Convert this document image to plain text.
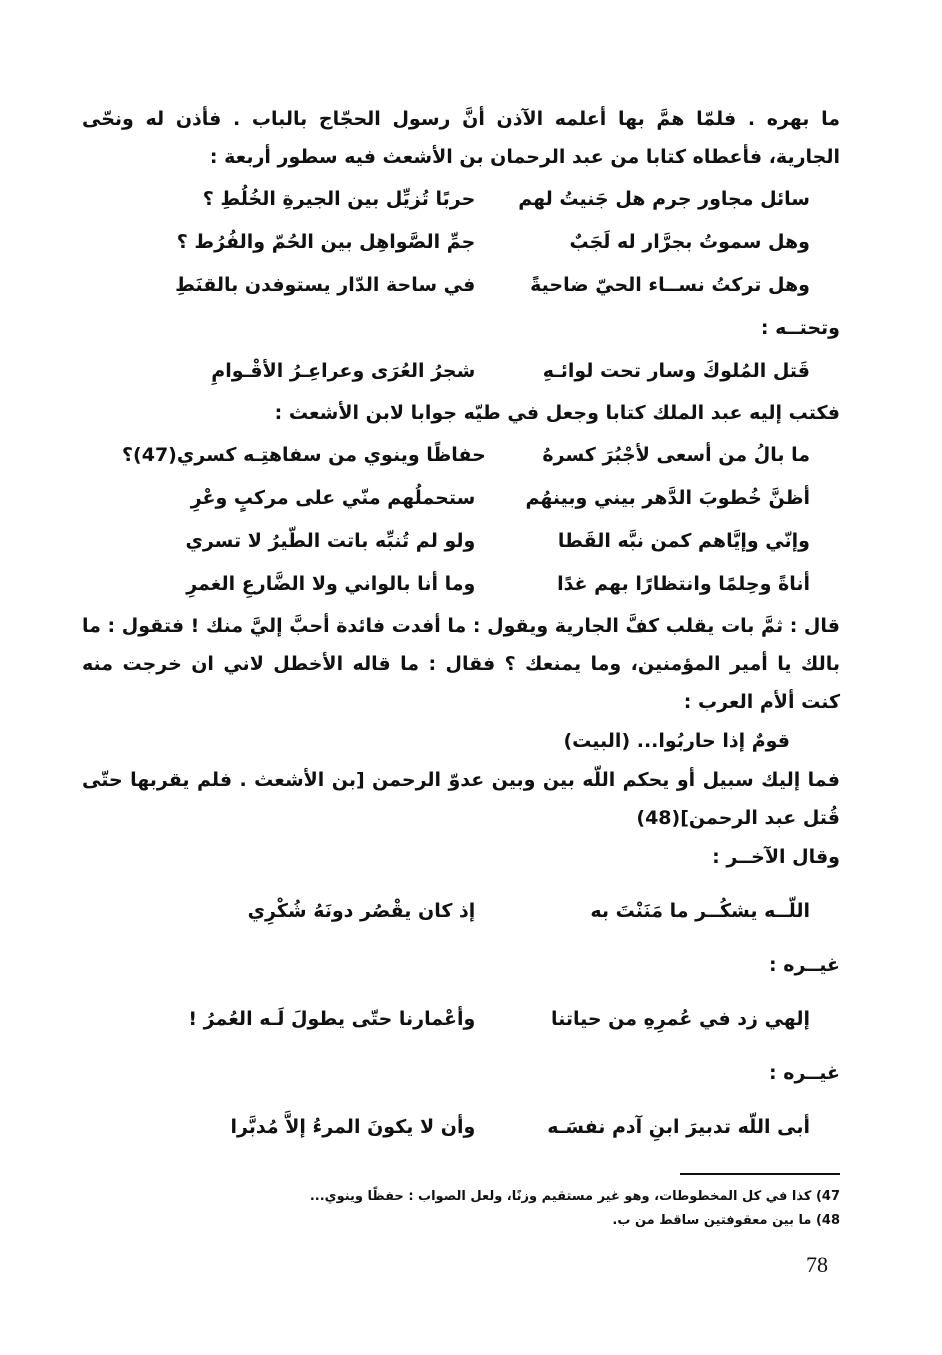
ما بهره . فلمّا همَّ بها أعلمه الآذن أنَّ رسول الحجّاج بالباب . فأذن له ونحّى الجارية، فأعطاه كتابا من عبد الرحمان بن الأشعث فيه سطور أربعة :

سائل مجاور جرم هل جَنيتُ لهم
حربًا تُزيِّل بين الجيرةِ الخُلُطِ ؟
وهل سموتُ بجرَّار له لَجَبٌ
جمِّ الصَّواهِل بين الحُمّ والفُرُط ؟
وهل تركتُ نســاء الحيّ ضاحيةً
في ساحة الدّار يستوفدن بالقنَطِ

وتحتــه :

قَتل المُلوكَ وسار تحت لوائـهِ
شجرُ العُرَى وعراعِـرُ الأقْـوامِ

فكتب إليه عبد الملك كتابا وجعل في طيّه جوابا لابن الأشعث :

ما بالُ من أسعى لأجْبُرَ كسرهُ
حفاظًا وينوي من سفاهتِـه كسري(47)؟
أظنَّ خُطوبَ الدَّهر بيني وبينهُم
ستحملُهم منّي على مركبٍ وعْرِ
وإنّي وإيَّاهم كمن نبَّه القَطا
ولو لم تُنبِّه باتت الطّيرُ لا تسري
أناةً وحِلمًا وانتظارًا بهم غدًا
وما أنا بالواني ولا الضَّارعِ الغمرِ

قال : ثمَّ بات يقلب كفَّ الجارية ويقول : ما أفدت فائدة أحبَّ إليَّ منك ! فتقول : ما بالك يا أمير المؤمنين، وما يمنعك ؟ فقال : ما قاله الأخطل لاني ان خرجت منه كنت ألأم العرب :

قومٌ إذا حاربُوا... (البيت)

فما إليك سبيل أو يحكم اللّه بين وبين عدوّ الرحمن [بن الأشعث . فلم يقربها حتّى قُتل عبد الرحمن](48)

وقال الآخــر :

اللّــه يشكُــر ما مَنَنْتَ به
إذ كان يقْصُر دونَهُ شُكْرِي

غيــره :

إلهي زد في عُمرِهِ من حياتنا
وأعْمارنا حتّى يطولَ لَـه العُمرُ !

غيــره :

أبى اللّه تدبيرَ ابنِ آدم نفسَـه
وأن لا يكونَ المرءُ إلاَّ مُدبَّرا
47) كذا في كل المخطوطات، وهو غير مستقيم وزنًا، ولعل الصواب : حفظًا وينوي...
48) ما بين معقوفتين ساقط من ب.
78
